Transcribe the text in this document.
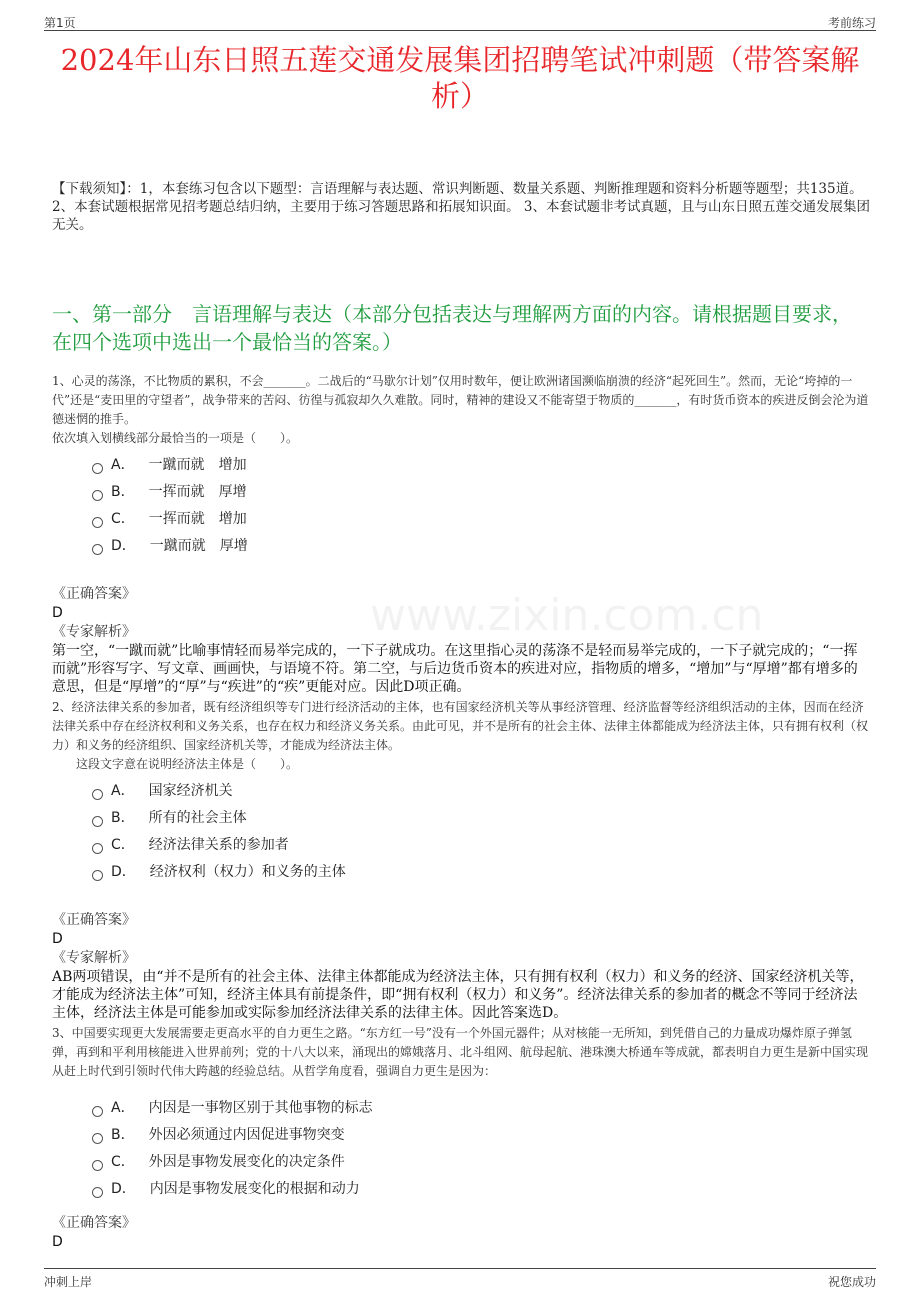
第1页	考前练习
2024年山东日照五莲交通发展集团招聘笔试冲刺题（带答案解析）
【下载须知】：1，本套练习包含以下题型：言语理解与表达题、常识判断题、数量关系题、判断推理题和资料分析题等题型；共135道。 2、本套试题根据常见招考题总结归纳，主要用于练习答题思路和拓展知识面。 3、本套试题非考试真题，且与山东日照五莲交通发展集团无关。
一、第一部分　言语理解与表达（本部分包括表达与理解两方面的内容。请根据题目要求，在四个选项中选出一个最恰当的答案。）
1、心灵的荡涤，不比物质的累积，不会_______。二战后的“马歇尔计划”仅用时数年，便让欧洲诸国濒临崩溃的经济“起死回生”。然而，无论“垮掉的一代”还是“麦田里的守望者”，战争带来的苦闷、彷徨与孤寂却久久难散。同时，精神的建设又不能寄望于物质的_______，有时货币资本的疾进反倒会沦为道德迷惘的推手。
依次填入划横线部分最恰当的一项是（　　）。
A． 一蹴而就　增加
B． 一挥而就　厚增
C． 一挥而就　增加
D． 一蹴而就　厚增
《正确答案》
D
《专家解析》
第一空，“一蹴而就”比喻事情轻而易举完成的，一下子就成功。在这里指心灵的荡涤不是轻而易举完成的，一下子就完成的；“一挥而就”形容写字、写文章、画画快，与语境不符。第二空，与后边货币资本的疾进对应，指物质的增多，“增加”与“厚增”都有增多的意思，但是“厚增”的“厚”与“疾进”的“疾”更能对应。因此D项正确。
2、经济法律关系的参加者，既有经济组织等专门进行经济活动的主体，也有国家经济机关等从事经济管理、经济监督等经济组织活动的主体，因而在经济法律关系中存在经济权利和义务关系，也存在权力和经济义务关系。由此可见，并不是所有的社会主体、法律主体都能成为经济法主体，只有拥有权利（权力）和义务的经济组织、国家经济机关等，才能成为经济法主体。
　　这段文字意在说明经济法主体是（　　）。
A． 国家经济机关
B． 所有的社会主体
C． 经济法律关系的参加者
D． 经济权利（权力）和义务的主体
《正确答案》
D
《专家解析》
AB两项错误，由“并不是所有的社会主体、法律主体都能成为经济法主体，只有拥有权利（权力）和义务的经济、国家经济机关等，才能成为经济法主体”可知，经济主体具有前提条件，即“拥有权利（权力）和义务”。经济法律关系的参加者的概念不等同于经济法主体，经济法主体是可能参加或实际参加经济法律关系的法律主体。因此答案选D。
3、中国要实现更大发展需要走更高水平的自力更生之路。“东方红一号”没有一个外国元器件；从对核能一无所知，到凭借自己的力量成功爆炸原子弹氢弹，再到和平利用核能进入世界前列；党的十八大以来，涌现出的嫦娥落月、北斗组网、航母起航、港珠澳大桥通车等成就，都表明自力更生是新中国实现从赶上时代到引领时代伟大跨越的经验总结。从哲学角度看，强调自力更生是因为：
A． 内因是一事物区别于其他事物的标志
B． 外因必须通过内因促进事物突变
C． 外因是事物发展变化的决定条件
D． 内因是事物发展变化的根据和动力
《正确答案》
D
冲刺上岸	祝您成功
www.zixin.com.cn
